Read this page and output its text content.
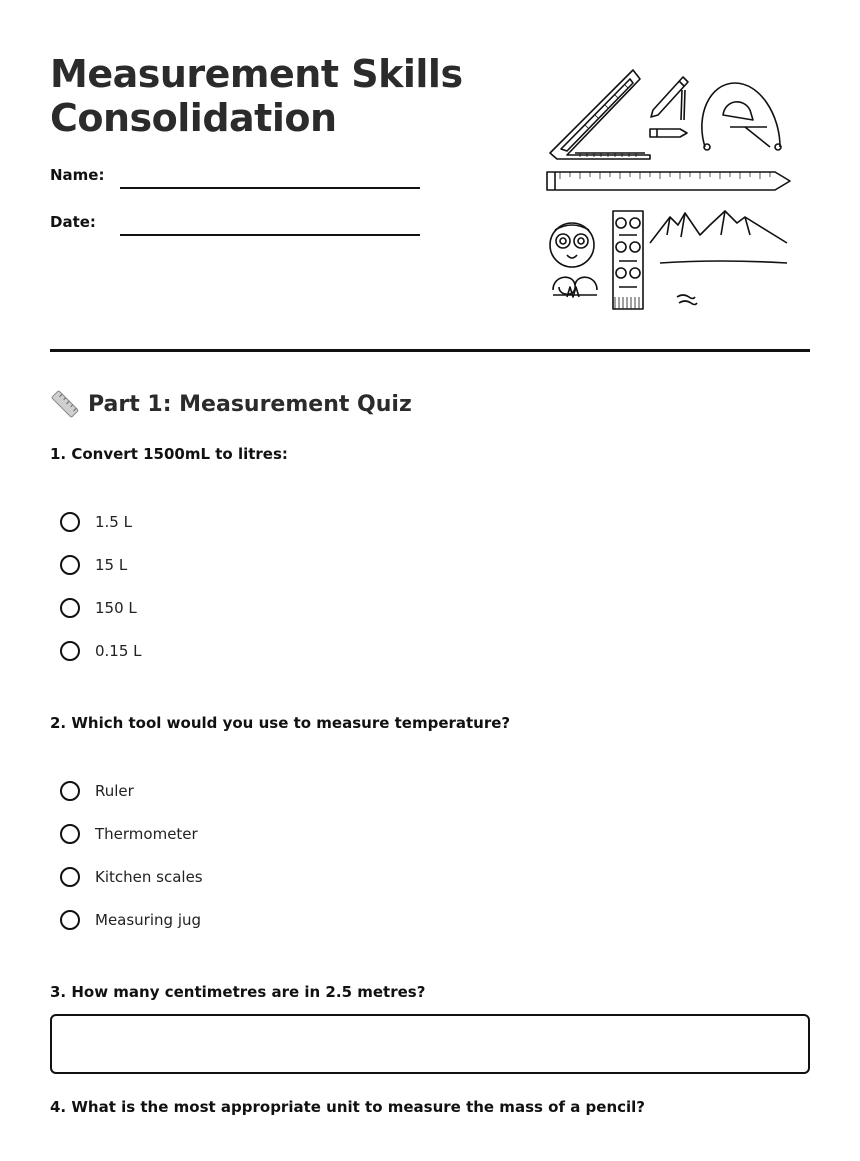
Measurement Skills
Consolidation
Name:
Date:
Part 1: Measurement Quiz

1. Convert 1500mL to litres:

1.5 L
15 L
150 L
0.15 L

2. Which tool would you use to measure temperature?

Ruler
Thermometer
Kitchen scales
Measuring jug

3. How many centimetres are in 2.5 metres?

4. What is the most appropriate unit to measure the mass of a pencil?
